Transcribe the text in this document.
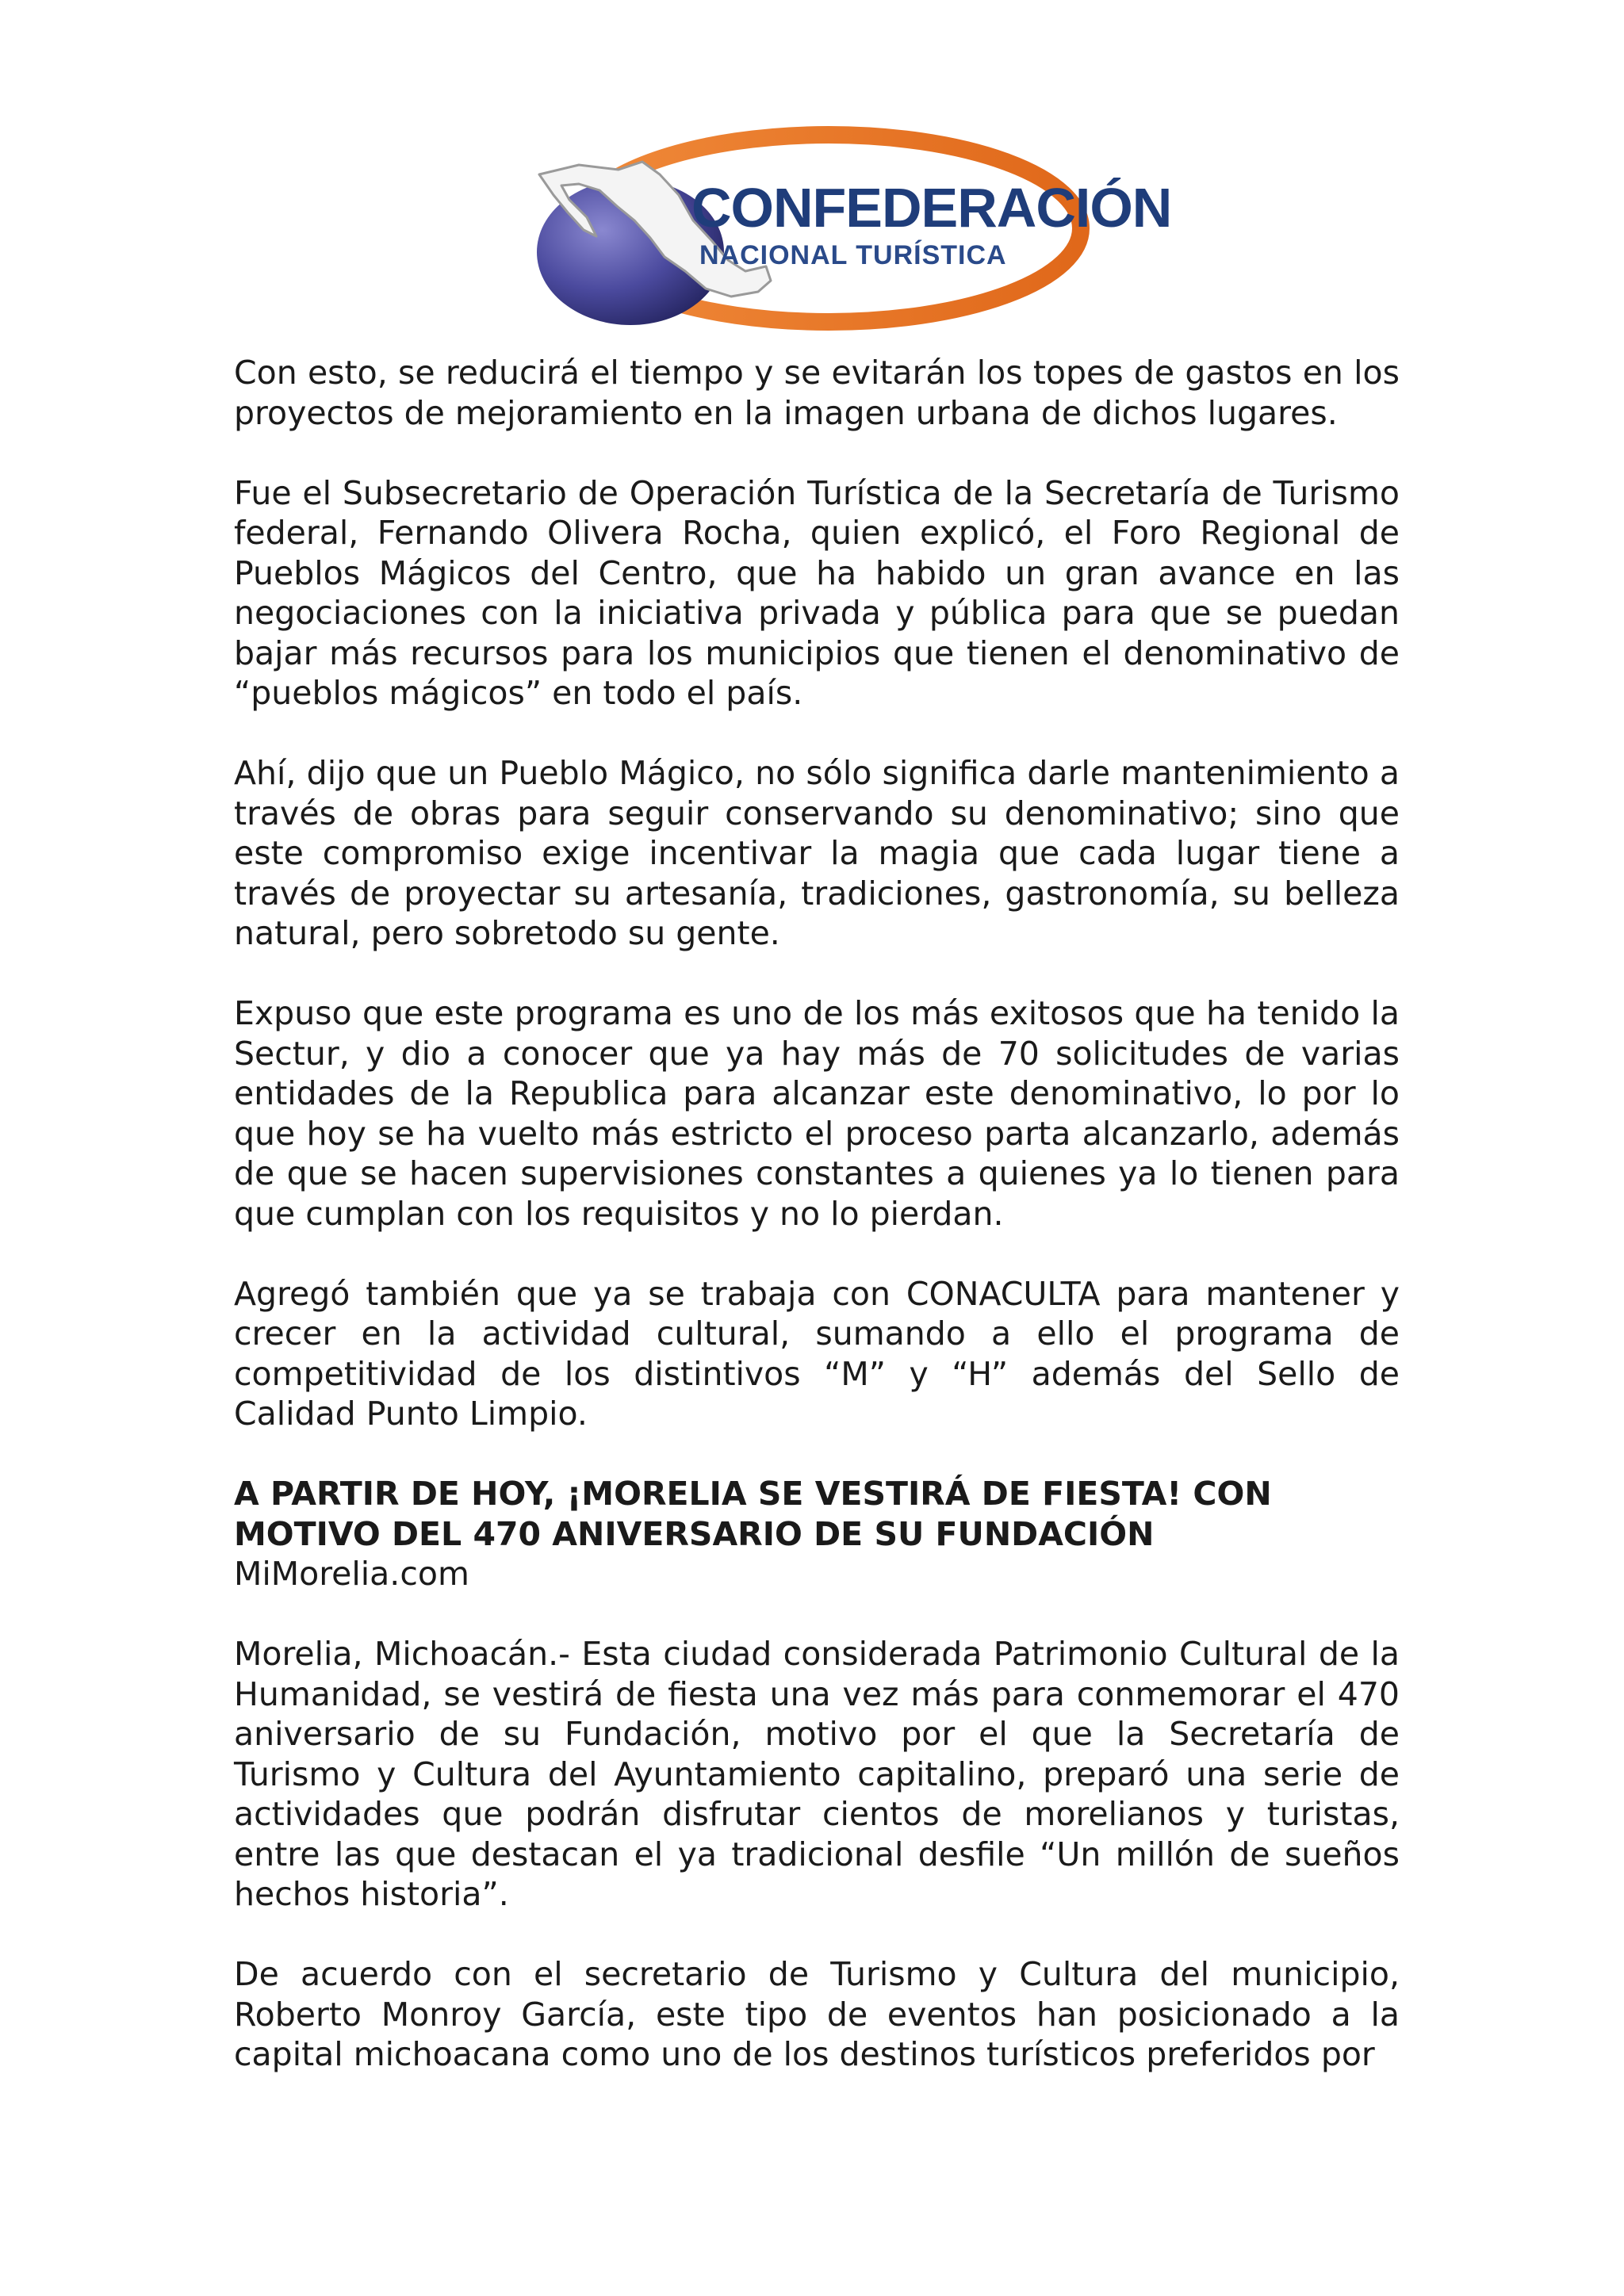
CONFEDERACIÓN
NACIONAL TURÍSTICA

Con esto, se reducirá el tiempo y se evitarán los topes de gastos en los proyectos de mejoramiento en la imagen urbana de dichos lugares.

Fue el Subsecretario de Operación Turística de la Secretaría de Turismo federal, Fernando Olivera Rocha, quien explicó, el Foro Regional de Pueblos Mágicos del Centro, que ha habido un gran avance en las negociaciones con la iniciativa privada y pública para que se puedan bajar más recursos para los municipios que tienen el denominativo de “pueblos mágicos” en todo el país.

Ahí, dijo que un Pueblo Mágico, no sólo significa darle mantenimiento a través de obras para seguir conservando su denominativo; sino que este compromiso exige incentivar la magia que cada lugar tiene a través de proyectar su artesanía, tradiciones, gastronomía, su belleza natural, pero sobretodo su gente.

Expuso que este programa es uno de los más exitosos que ha tenido la Sectur, y dio a conocer que ya hay más de 70 solicitudes de varias entidades de la Republica para alcanzar este denominativo, lo por lo que hoy se ha vuelto más estricto el proceso parta alcanzarlo, además de que se hacen supervisiones constantes a quienes ya lo tienen para que cumplan con los requisitos y no lo pierdan.

Agregó también que ya se trabaja con CONACULTA para mantener y crecer en la actividad cultural, sumando a ello el programa de competitividad de los distintivos “M” y “H” además del Sello de Calidad Punto Limpio.

A PARTIR DE HOY, ¡MORELIA SE VESTIRÁ DE FIESTA! CON MOTIVO DEL 470 ANIVERSARIO DE SU FUNDACIÓN

MiMorelia.com

Morelia, Michoacán.- Esta ciudad considerada Patrimonio Cultural de la Humanidad, se vestirá de fiesta una vez más para conmemorar el 470 aniversario de su Fundación, motivo por el que la Secretaría de Turismo y Cultura del Ayuntamiento capitalino, preparó una serie de actividades que podrán disfrutar cientos de morelianos y turistas, entre las que destacan el ya tradicional desfile “Un millón de sueños hechos historia”.

De acuerdo con el secretario de Turismo y Cultura del municipio, Roberto Monroy García, este tipo de eventos han posicionado a la capital michoacana como uno de los destinos turísticos preferidos por
